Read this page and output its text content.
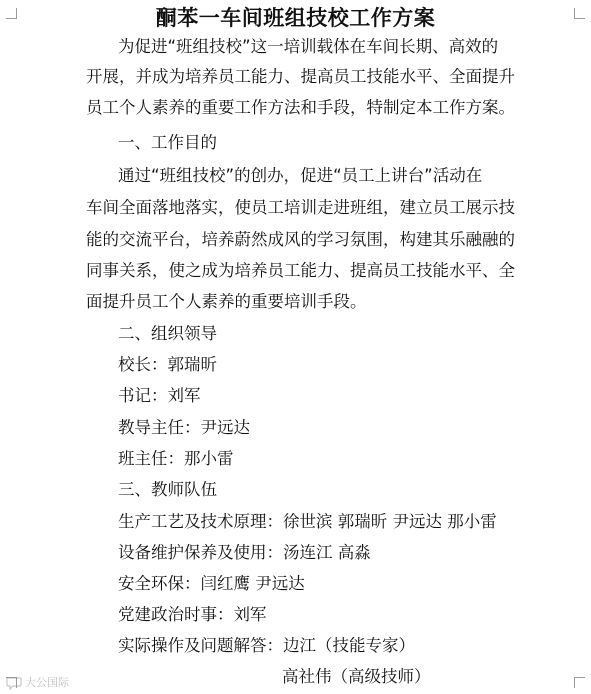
酮苯一车间班组技校工作方案
为促进“班组技校”这一培训载体在车间长期、高效的
开展，并成为培养员工能力、提高员工技能水平、全面提升
员工个人素养的重要工作方法和手段，特制定本工作方案。
一、工作目的
通过“班组技校”的创办，促进“员工上讲台”活动在
车间全面落地落实，使员工培训走进班组，建立员工展示技
能的交流平台，培养蔚然成风的学习氛围，构建其乐融融的
同事关系，使之成为培养员工能力、提高员工技能水平、全
面提升员工个人素养的重要培训手段。
二、组织领导
校长：郭瑞昕
书记：刘军
教导主任：尹远达
班主任：那小雷
三、教师队伍
生产工艺及技术原理：徐世滨 郭瑞昕 尹远达 那小雷
设备维护保养及使用：汤连江 高淼
安全环保：闫红鹰 尹远达
党建政治时事：刘军
实际操作及问题解答：边江（技能专家）
高社伟（高级技师）
大公国际
